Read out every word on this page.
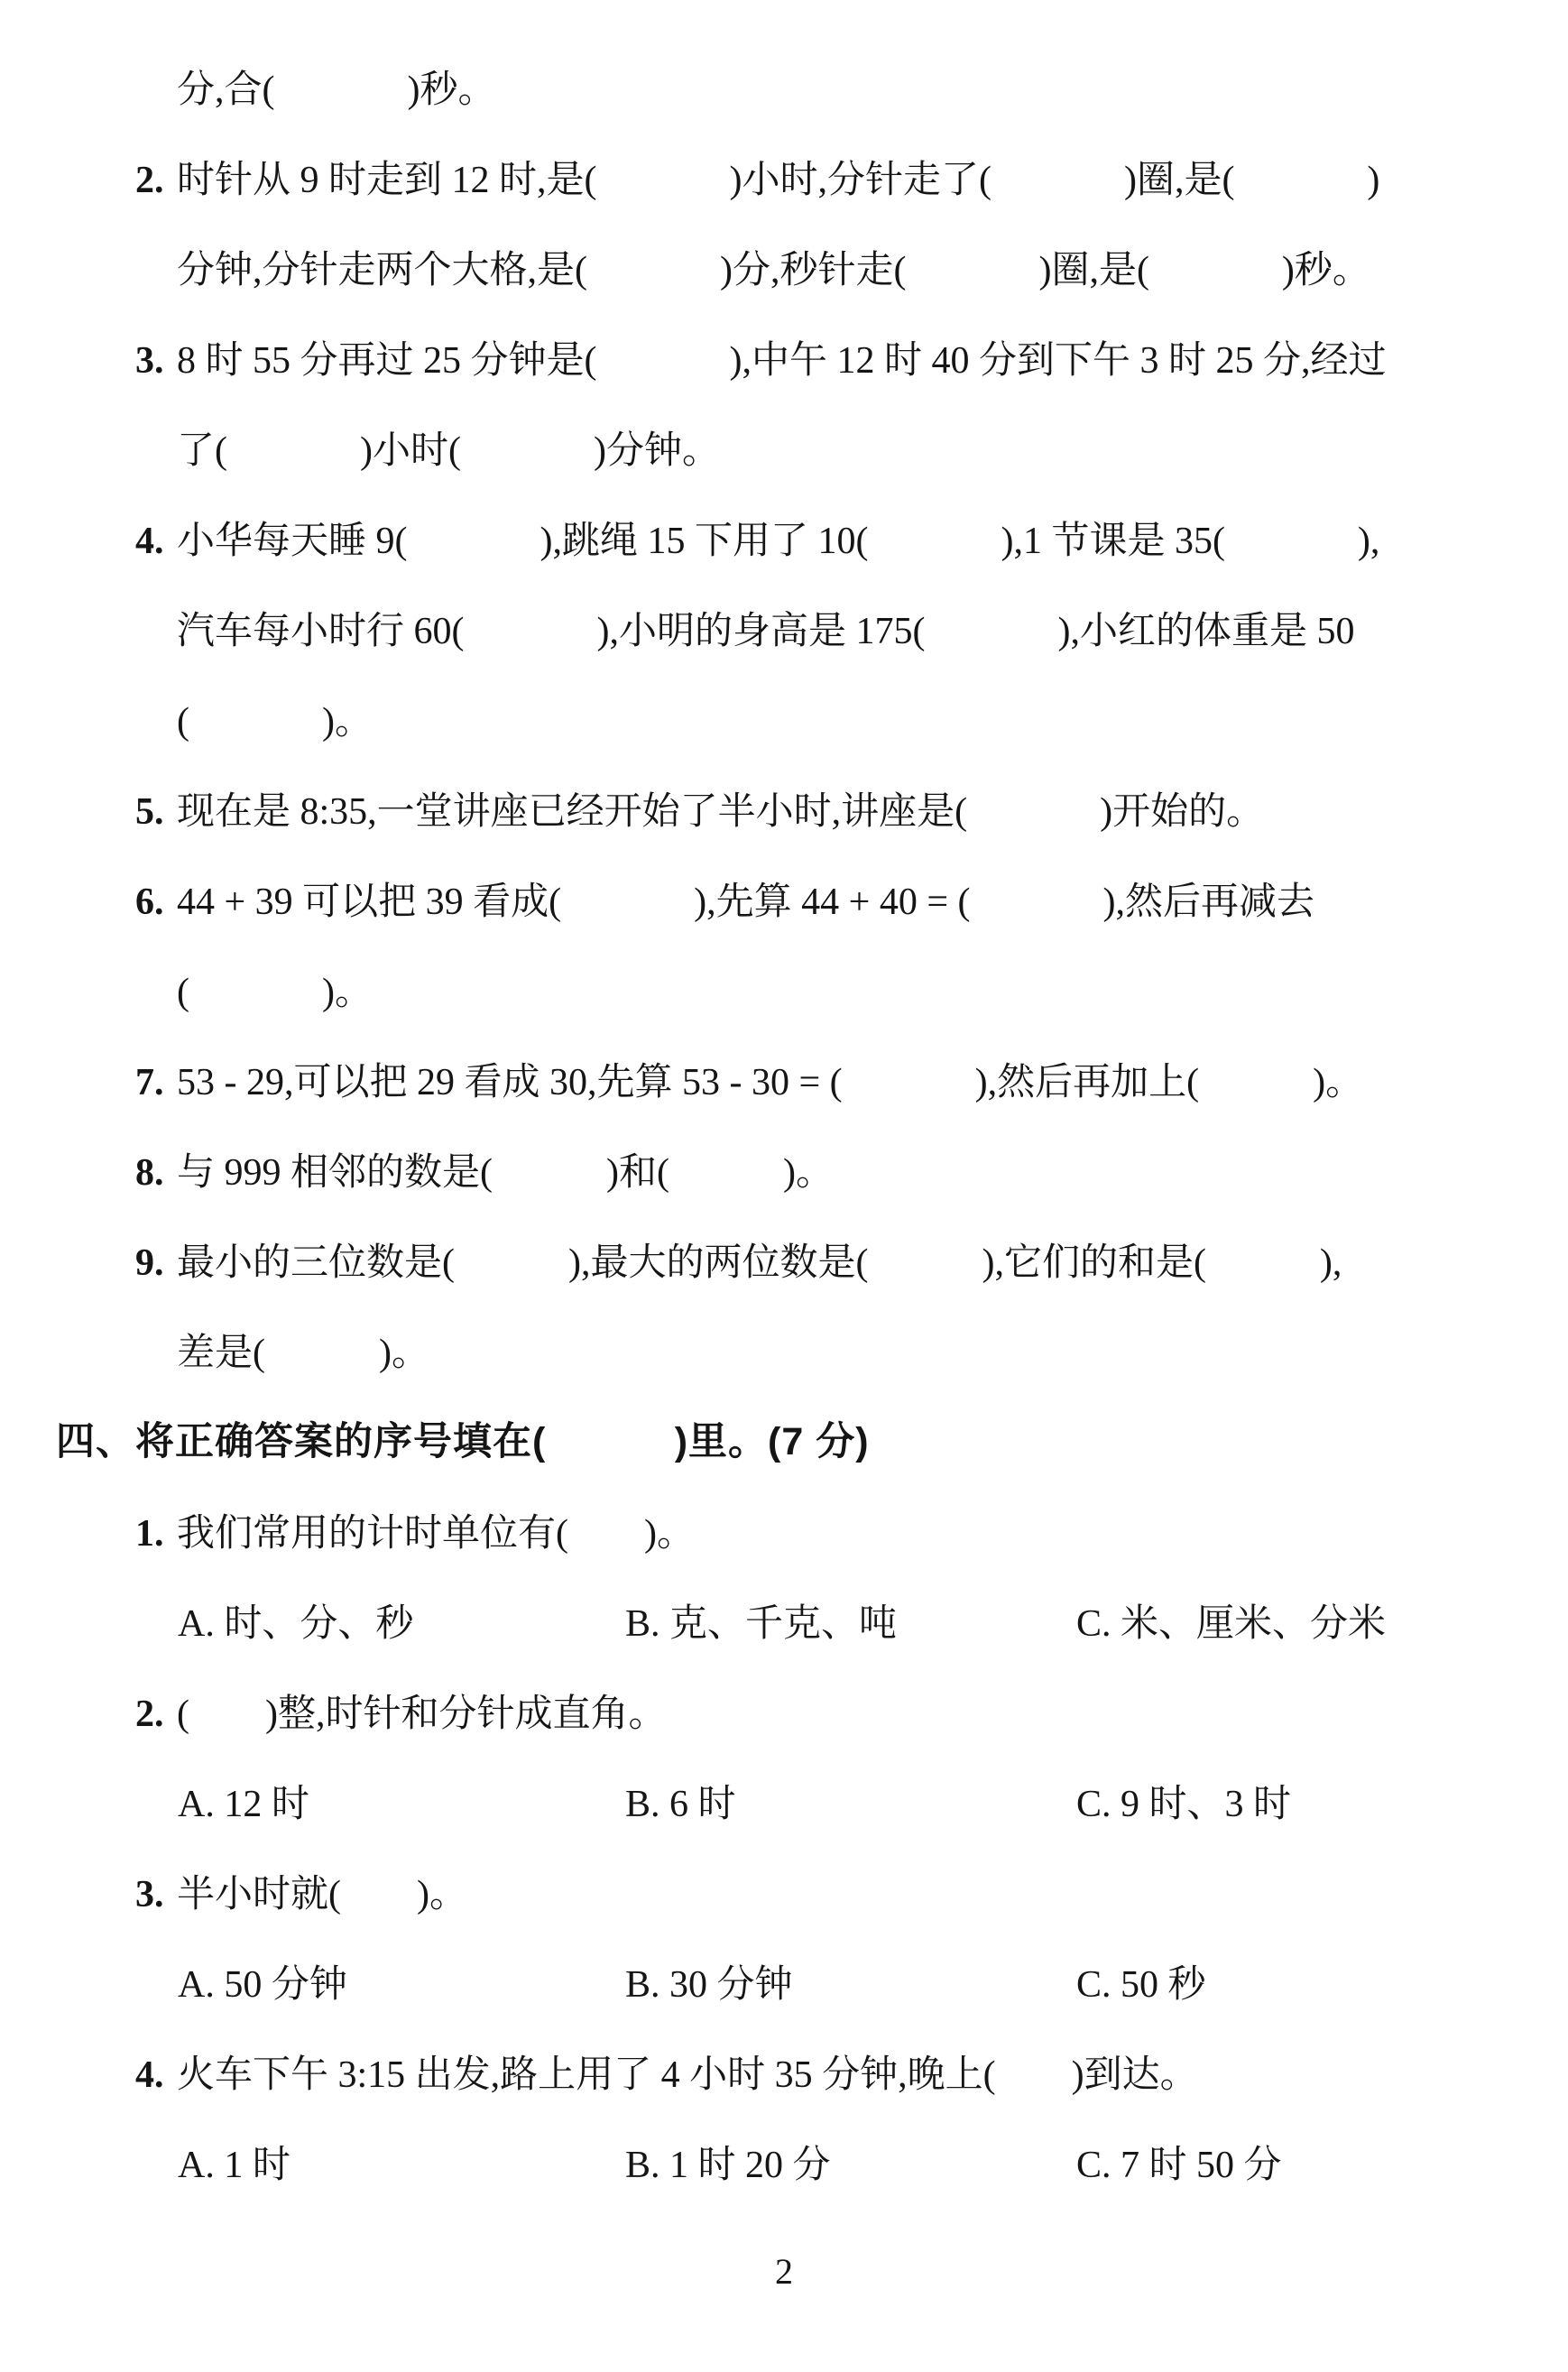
分,合(              )秒。
2. 时针从 9 时走到 12 时,是(              )小时,分针走了(              )圈,是(              )
分钟,分针走两个大格,是(              )分,秒针走(              )圈,是(              )秒。
3. 8 时 55 分再过 25 分钟是(              ),中午 12 时 40 分到下午 3 时 25 分,经过
了(              )小时(              )分钟。
4. 小华每天睡 9(              ),跳绳 15 下用了 10(              ),1 节课是 35(              ),
汽车每小时行 60(              ),小明的身高是 175(              ),小红的体重是 50
(              )。
5. 现在是 8:35,一堂讲座已经开始了半小时,讲座是(              )开始的。
6. 44 + 39 可以把 39 看成(              ),先算 44 + 40 = (              ),然后再减去
(              )。
7. 53 - 29,可以把 29 看成 30,先算 53 - 30 = (              ),然后再加上(            )。
8. 与 999 相邻的数是(            )和(            )。
9. 最小的三位数是(            ),最大的两位数是(            ),它们的和是(            ),
差是(            )。
四、将正确答案的序号填在(           )里。(7 分)
1. 我们常用的计时单位有(        )。
A. 时、分、秒	B. 克、千克、吨	C. 米、厘米、分米
2. (        )整,时针和分针成直角。
A. 12 时	B. 6 时	C. 9 时、3 时
3. 半小时就(        )。
A. 50 分钟	B. 30 分钟	C. 50 秒
4. 火车下午 3:15 出发,路上用了 4 小时 35 分钟,晚上(        )到达。
A. 1 时	B. 1 时 20 分	C. 7 时 50 分
2
